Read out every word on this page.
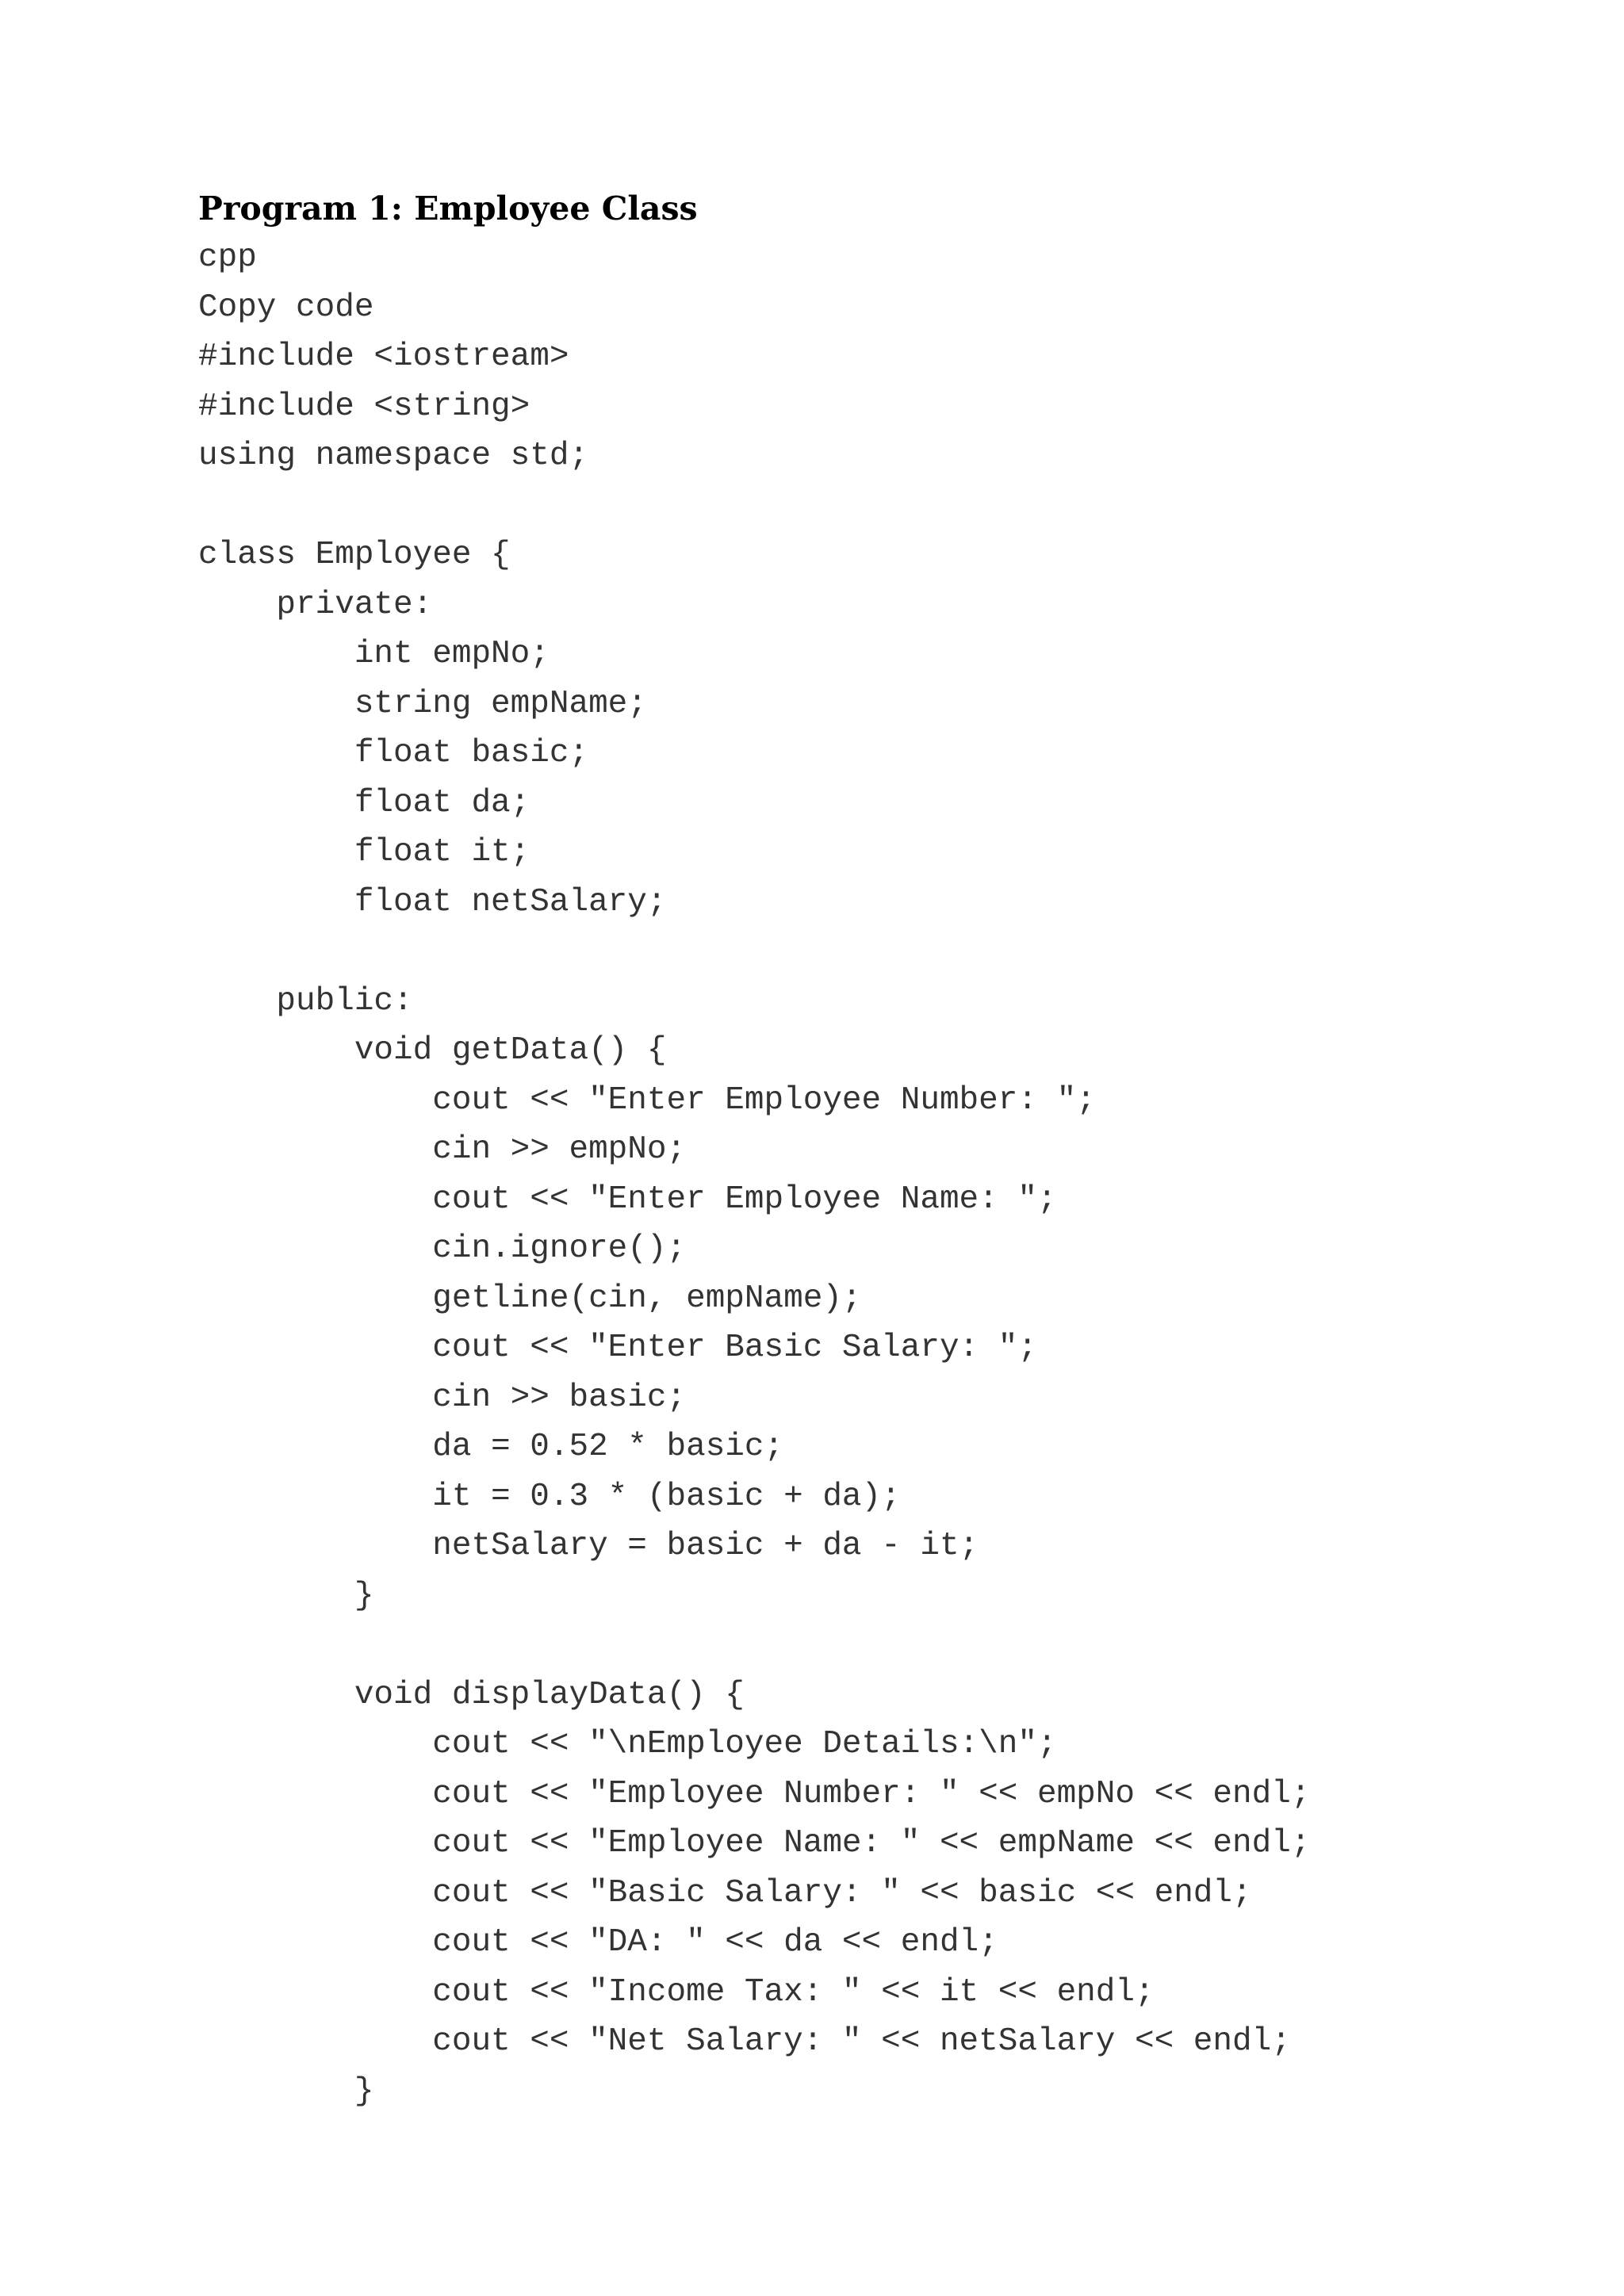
Program 1: Employee Class
cpp
Copy code
#include <iostream>
#include <string>
using namespace std;
class Employee {
private:
int empNo;
string empName;
float basic;
float da;
float it;
float netSalary;
public:
void getData() {
cout << "Enter Employee Number: ";
cin >> empNo;
cout << "Enter Employee Name: ";
cin.ignore();
getline(cin, empName);
cout << "Enter Basic Salary: ";
cin >> basic;
da = 0.52 * basic;
it = 0.3 * (basic + da);
netSalary = basic + da - it;
}
void displayData() {
cout << "\nEmployee Details:\n";
cout << "Employee Number: " << empNo << endl;
cout << "Employee Name: " << empName << endl;
cout << "Basic Salary: " << basic << endl;
cout << "DA: " << da << endl;
cout << "Income Tax: " << it << endl;
cout << "Net Salary: " << netSalary << endl;
}
